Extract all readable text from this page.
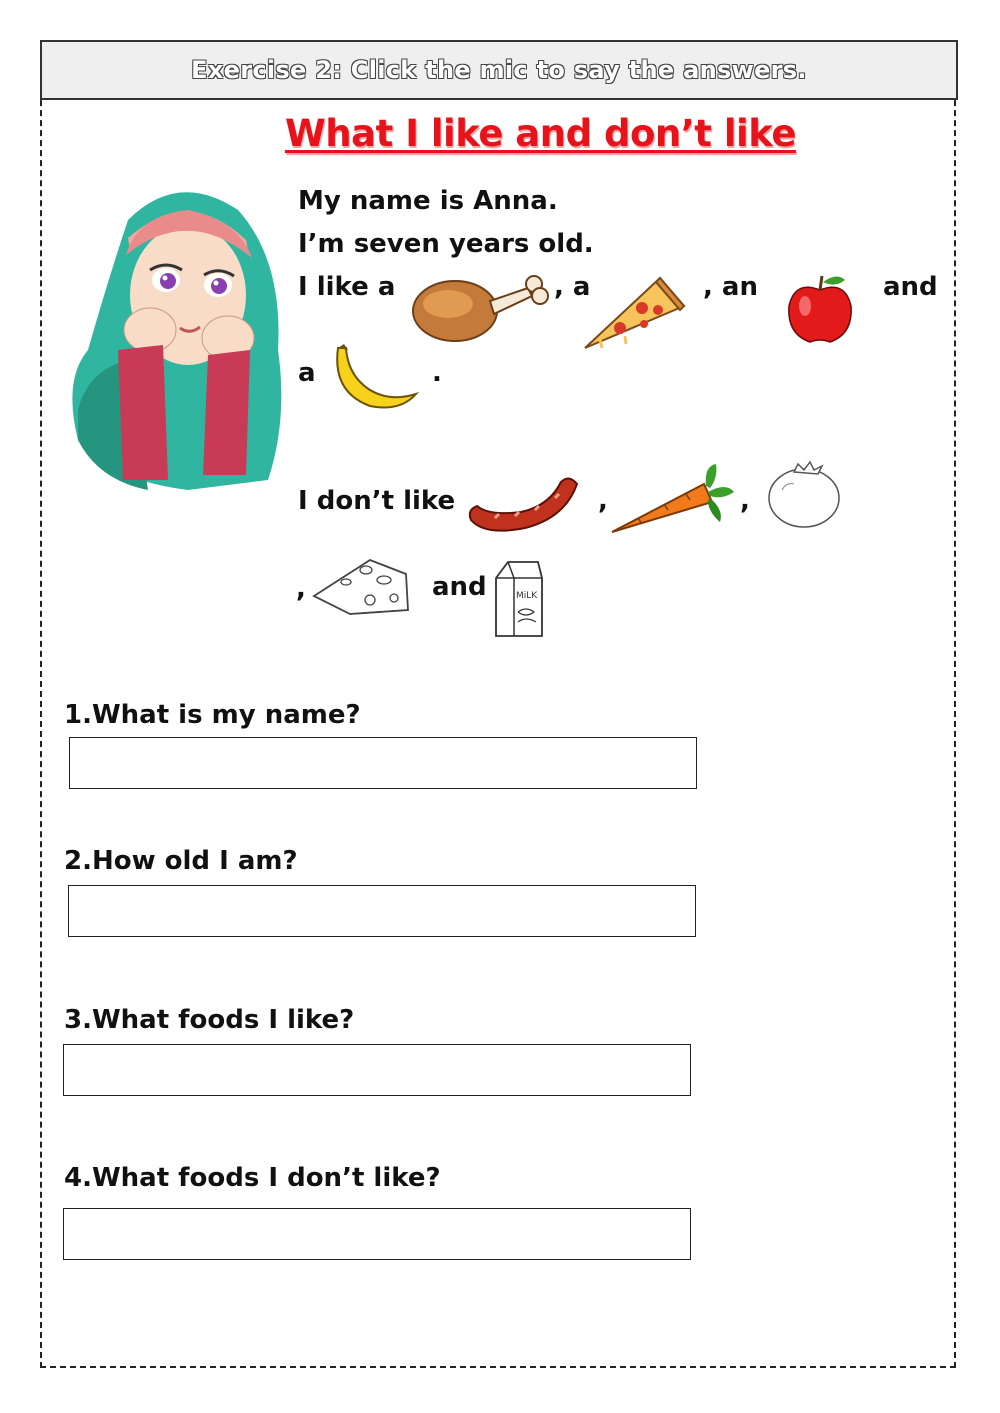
Exercise 2: Click the mic to say the answers.
What I like and don’t like
My name is Anna.
I’m seven years old.
I like a	, a	, an	and
a	.
I don’t like	,	,
,	and	MiLK
1.What is my name?
2.How old I am?
3.What foods I like?
4.What foods I don’t like?
